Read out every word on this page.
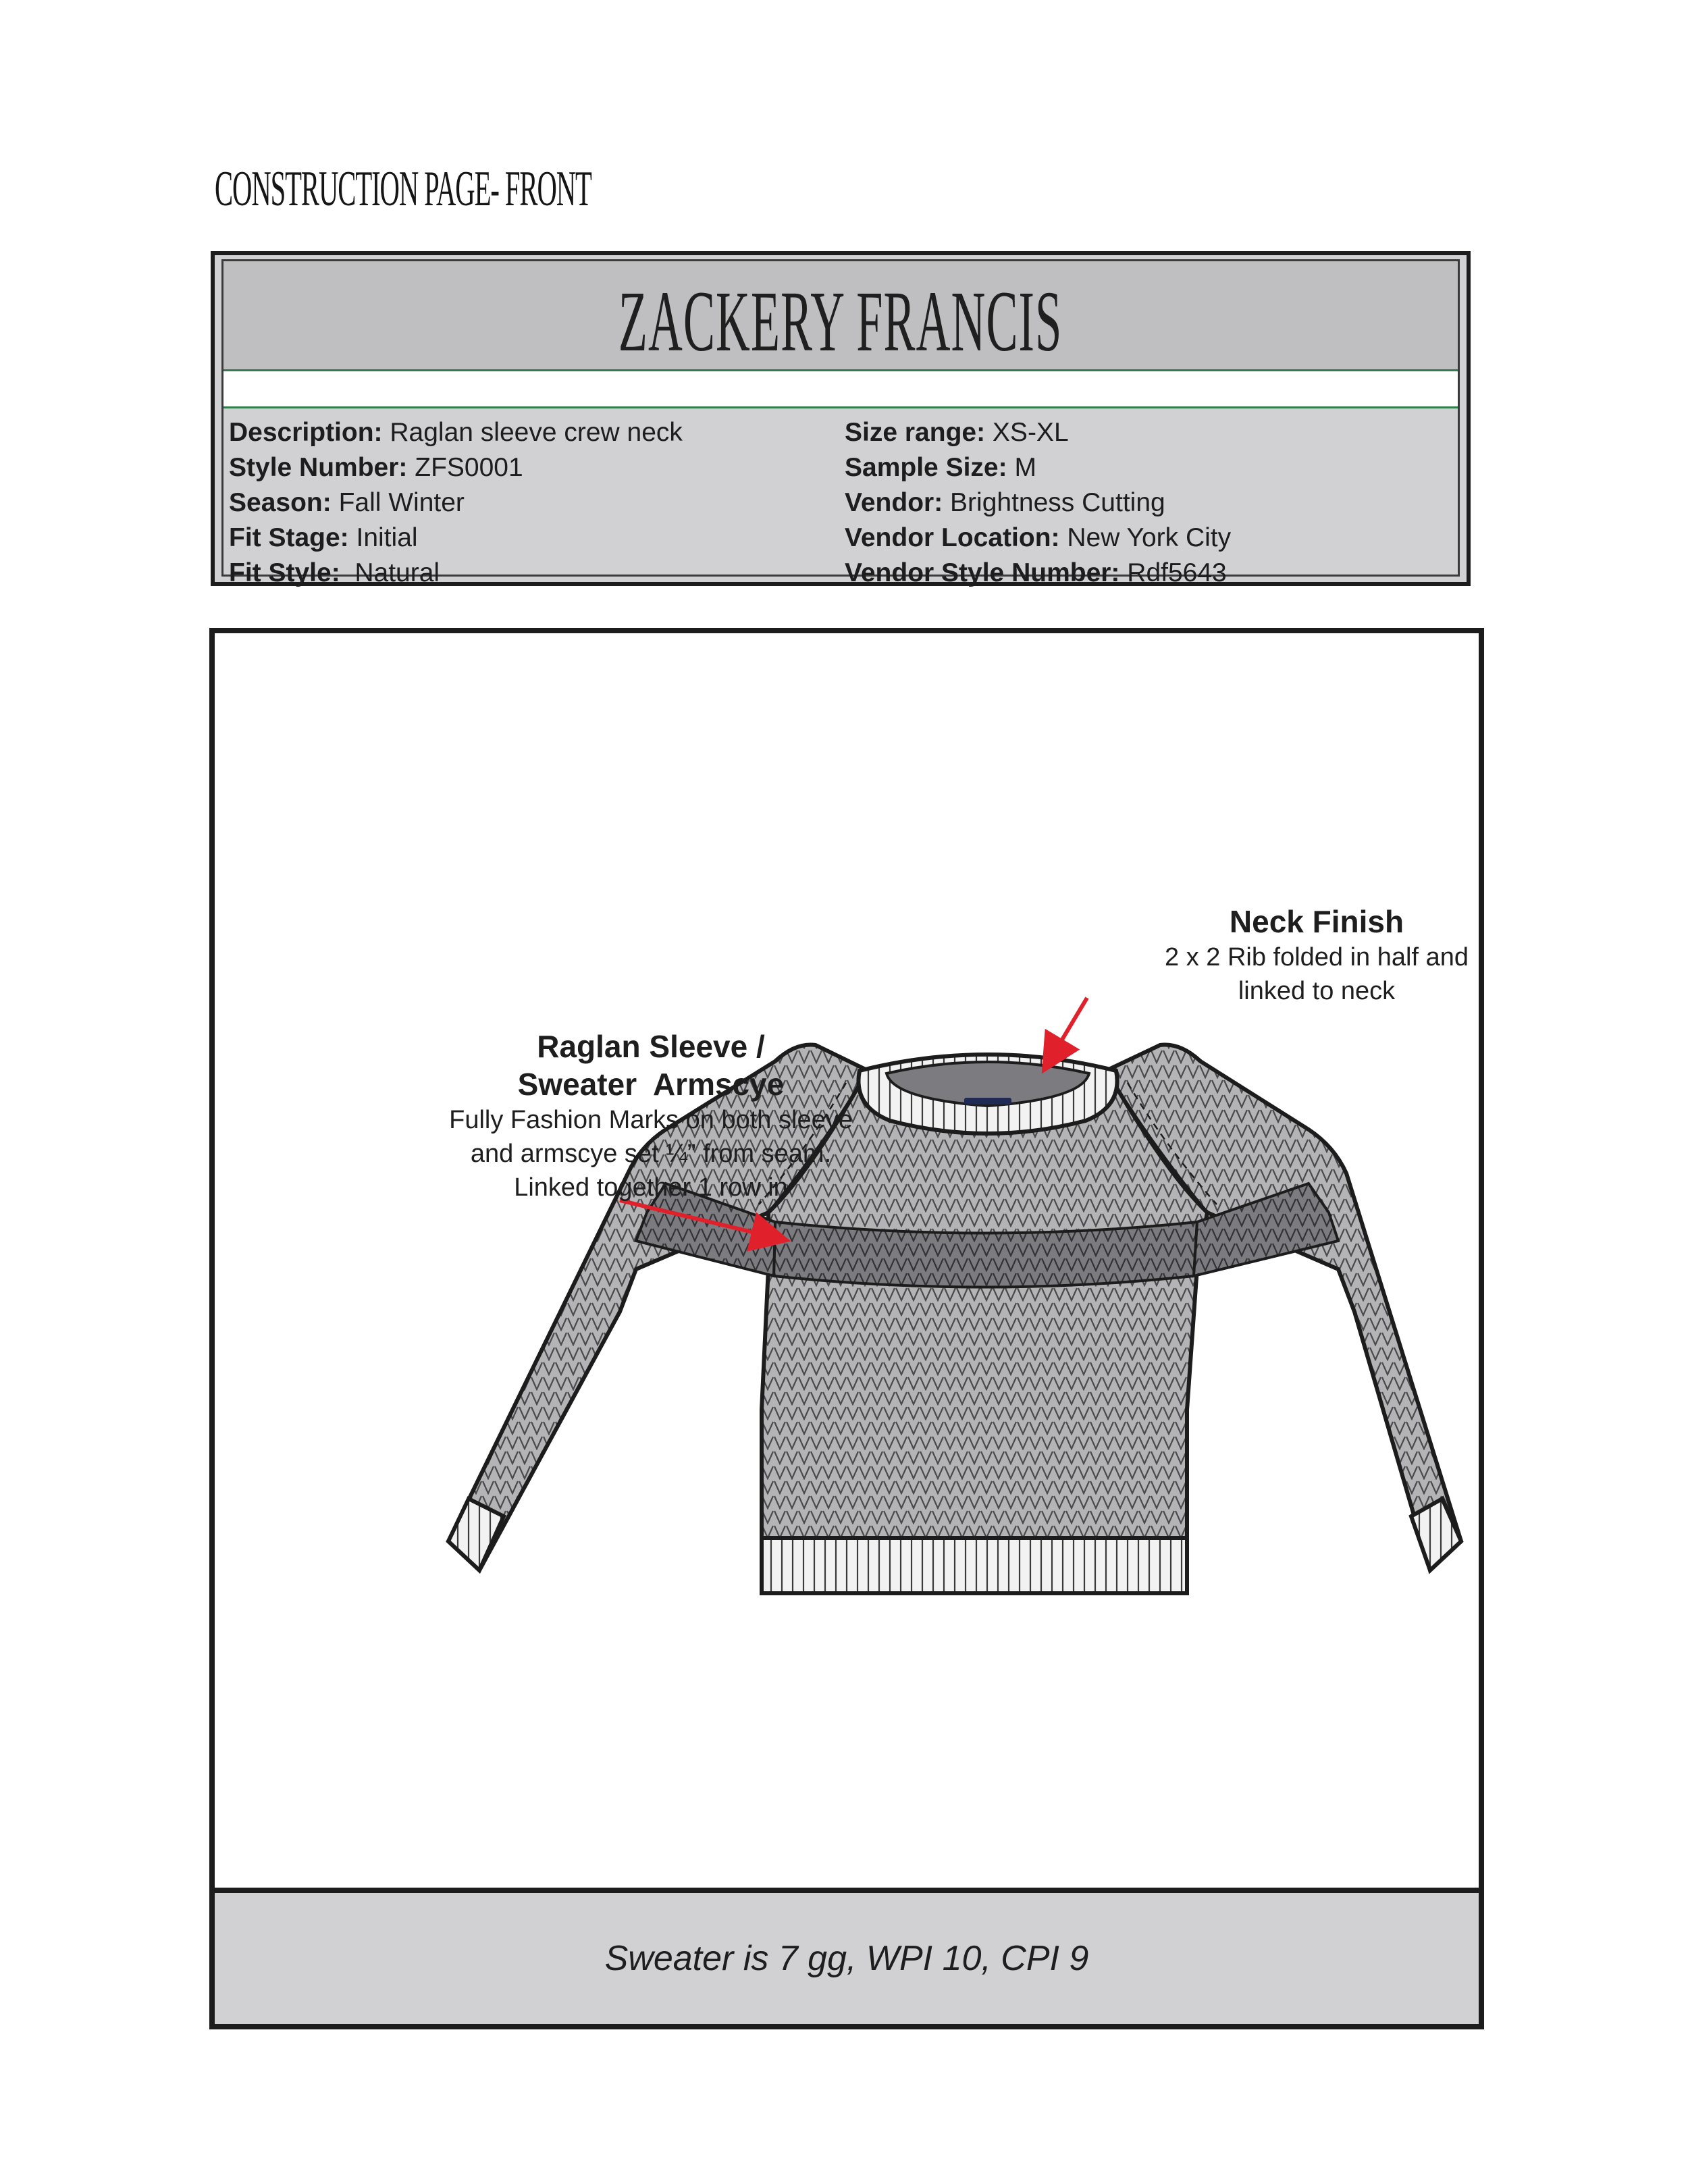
CONSTRUCTION PAGE- FRONT
ZACKERY FRANCIS
Description: Raglan sleeve crew neck
Style Number: ZFS0001
Season: Fall Winter
Fit Stage: Initial
Fit Style:  Natural
Size range: XS-XL
Sample Size: M
Vendor: Brightness Cutting
Vendor Location: New York City
Vendor Style Number: Rdf5643
Neck Finish
2 x 2 Rib folded in half and
linked to neck
Raglan Sleeve /
Sweater  Armscye
Fully Fashion Marks on both sleeve
and armscye set ¼” from seam.
Linked together 1 row in
Sweater is 7 gg, WPI 10, CPI 9
